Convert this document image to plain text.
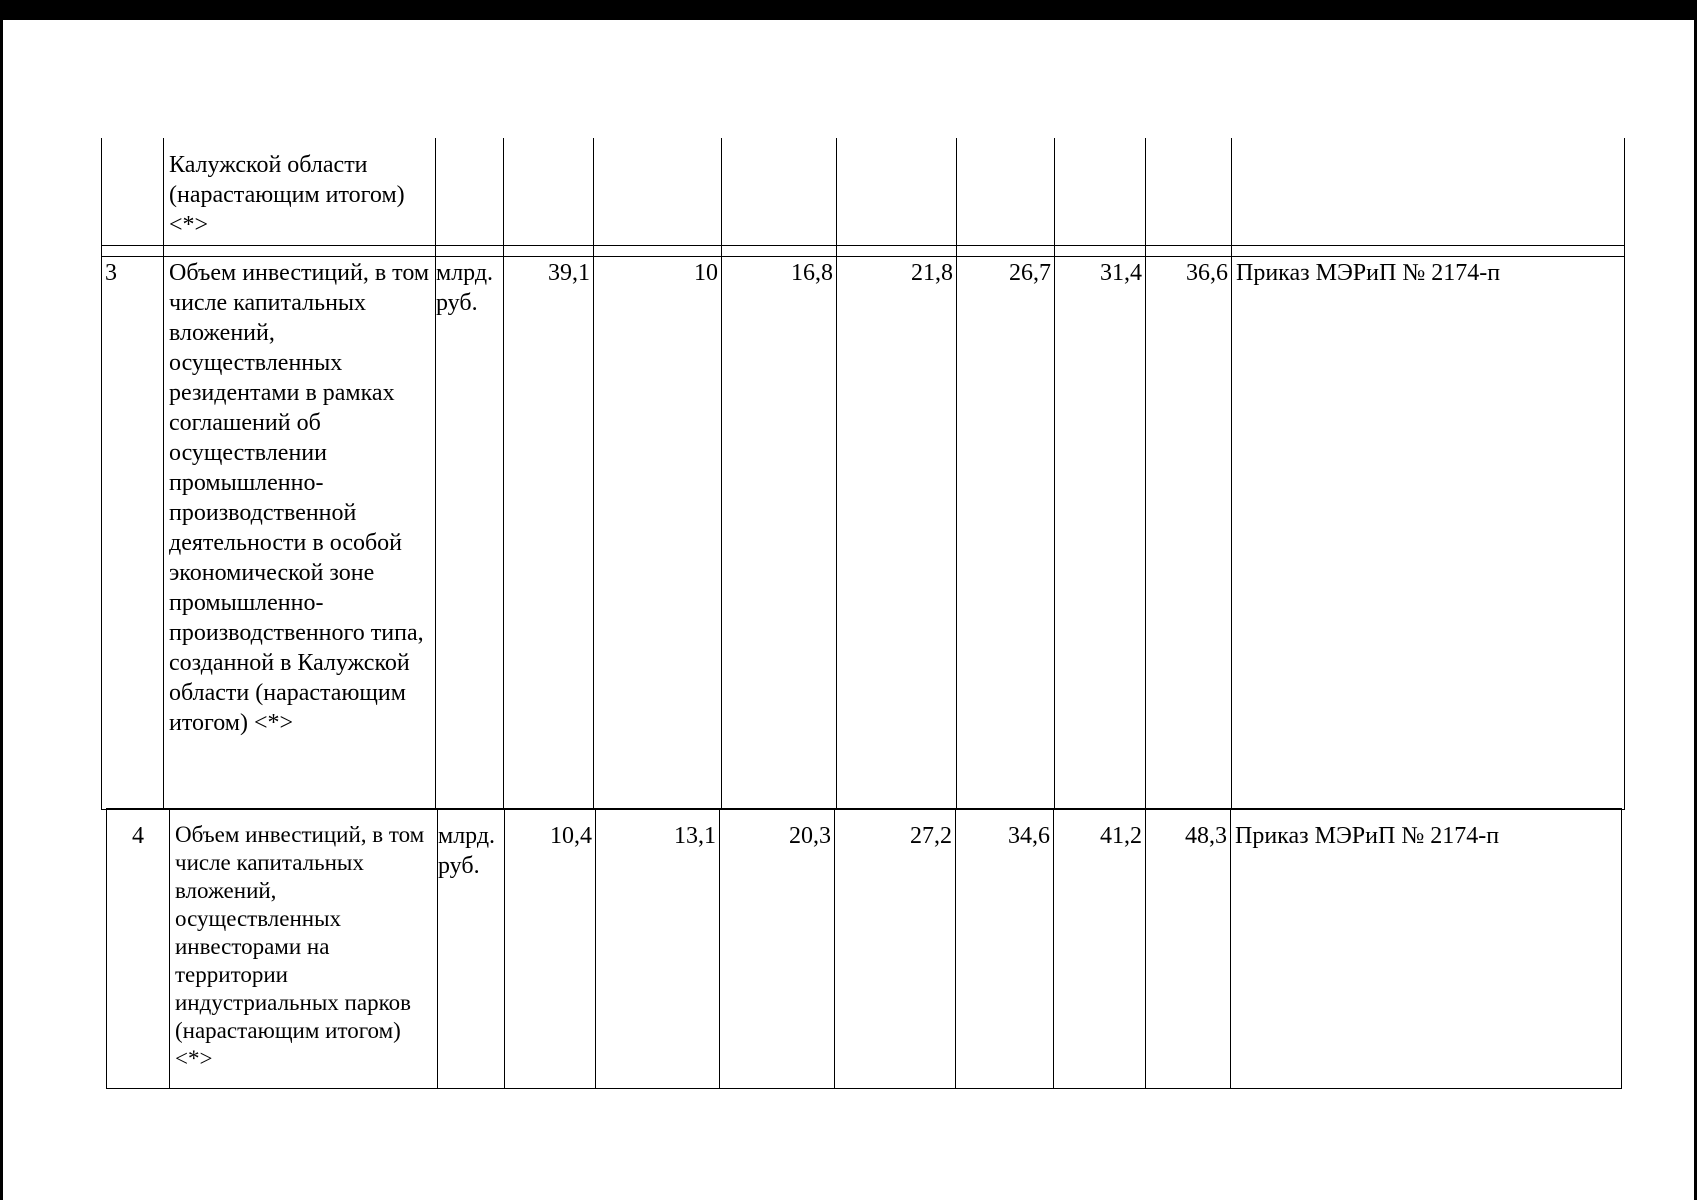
	Калужской области (нарастающим итогом) <*>									
3	Объем инвестиций, в том числе капитальных вложений, осуществленных резидентами в рамках соглашений об осуществлении промышленно-производственной деятельности в особой экономической зоне промышленно-производственного типа, созданной в Калужской области (нарастающим итогом) <*>	млрд. руб.	39,1	10	16,8	21,8	26,7	31,4	36,6	Приказ МЭРиП № 2174-п
4	Объем инвестиций, в том числе капитальных вложений, осуществленных инвесторами на территории индустриальных парков (нарастающим итогом) <*>	млрд. руб.	10,4	13,1	20,3	27,2	34,6	41,2	48,3	Приказ МЭРиП № 2174-п
